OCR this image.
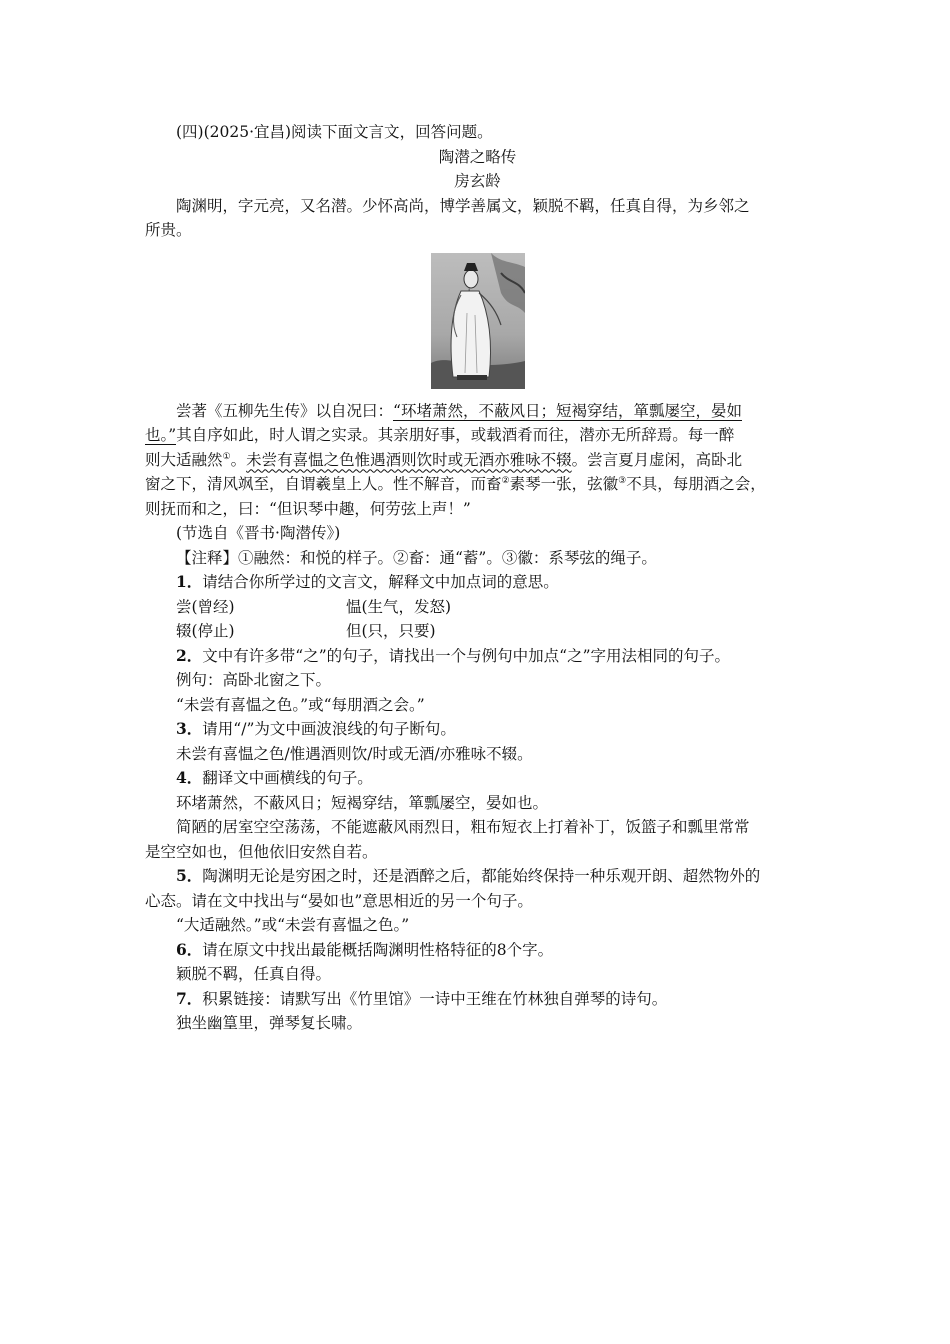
(四)(2025·宜昌)阅读下面文言文，回答问题。
陶潜之略传
房玄龄
陶渊明，字元亮，又名潜。少怀高尚，博学善属文，颖脱不羁，任真自得，为乡邻之
所贵。
尝著《五柳先生传》以自况曰：“环堵萧然，不蔽风日；短褐穿结，箪瓢屡空，晏如
也。”其自序如此，时人谓之实录。其亲朋好事，或载酒肴而往，潜亦无所辞焉。每一醉
则大适融然①。未尝有喜愠之色惟遇酒则饮时或无酒亦雅咏不辍。尝言夏月虚闲，高卧北
窗之下，清风飒至，自谓羲皇上人。性不解音，而畜②素琴一张，弦徽③不具，每朋酒之会，
则抚而和之，曰：“但识琴中趣，何劳弦上声！”
(节选自《晋书·陶潜传》)
【注释】①融然：和悦的样子。②畜：通“蓄”。③徽：系琴弦的绳子。
1．请结合你所学过的文言文，解释文中加点词的意思。
尝(曾经)	愠(生气，发怒)
辍(停止)	但(只，只要)
2．文中有许多带“之”的句子，请找出一个与例句中加点“之”字用法相同的句子。
例句：高卧北窗之下。
“未尝有喜愠之色。”或“每朋酒之会。”
3．请用“/”为文中画波浪线的句子断句。
未尝有喜愠之色/惟遇酒则饮/时或无酒/亦雅咏不辍。
4．翻译文中画横线的句子。
环堵萧然，不蔽风日；短褐穿结，箪瓢屡空，晏如也。
简陋的居室空空荡荡，不能遮蔽风雨烈日，粗布短衣上打着补丁，饭篮子和瓢里常常
是空空如也，但他依旧安然自若。
5．陶渊明无论是穷困之时，还是酒醉之后，都能始终保持一种乐观开朗、超然物外的
心态。请在文中找出与“晏如也”意思相近的另一个句子。
“大适融然。”或“未尝有喜愠之色。”
6．请在原文中找出最能概括陶渊明性格特征的8个字。
颖脱不羁，任真自得。
7．积累链接：请默写出《竹里馆》一诗中王维在竹林独自弹琴的诗句。
独坐幽篁里，弹琴复长啸。
